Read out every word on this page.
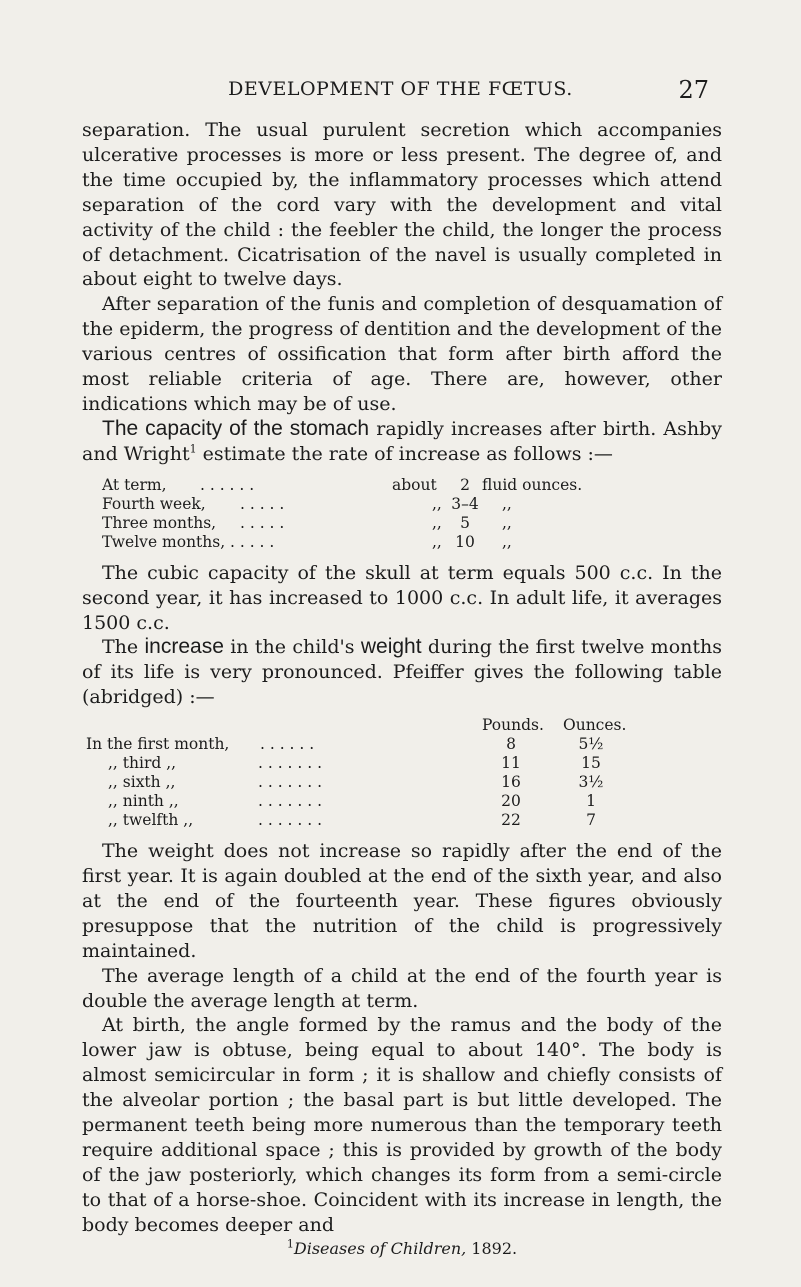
DEVELOPMENT OF THE FŒTUS.	27

separation. The usual purulent secretion which accompanies ulcerative processes is more or less present. The degree of, and the time occupied by, the inflammatory processes which attend separation of the cord vary with the development and vital activity of the child : the feebler the child, the longer the process of detachment. Cicatrisation of the navel is usually completed in about eight to twelve days.

After separation of the funis and completion of desquamation of the epiderm, the progress of dentition and the development of the various centres of ossification that form after birth afford the most reliable criteria of age. There are, however, other indications which may be of use.

The capacity of the stomach rapidly increases after birth. Ashby and Wright$^1$ estimate the rate of increase as follows :—

At term, . . . . . .	about	2 fluid ounces.
Fourth week, . . . . .	,, 3–4 ,,
Three months, . . . . .	,,	5	,,
Twelve months, . . . . .	,, 10	,,

The cubic capacity of the skull at term equals 500 c.c. In the second year, it has increased to 1000 c.c. In adult life, it averages 1500 c.c.

The increase in the child's weight during the first twelve months of its life is very pronounced. Pfeiffer gives the following table (abridged) :—

Pounds. Ounces.
In the first month, . . . . . .	8	5½
,, third ,,	. . . . . . .	11	15
,, sixth ,,	. . . . . . .	16	3½
,, ninth ,,	. . . . . . .	20	1
,, twelfth ,,	. . . . . . .	22	7

The weight does not increase so rapidly after the end of the first year. It is again doubled at the end of the sixth year, and also at the end of the fourteenth year. These figures obviously presuppose that the nutrition of the child is progressively maintained.

The average length of a child at the end of the fourth year is double the average length at term.

At birth, the angle formed by the ramus and the body of the lower jaw is obtuse, being equal to about 140°. The body is almost semicircular in form ; it is shallow and chiefly consists of the alveolar portion ; the basal part is but little developed. The permanent teeth being more numerous than the temporary teeth require additional space ; this is provided by growth of the body of the jaw posteriorly, which changes its form from a semi-circle to that of a horse-shoe. Coincident with its increase in length, the body becomes deeper and

$^1$Diseases of Children, 1892.
